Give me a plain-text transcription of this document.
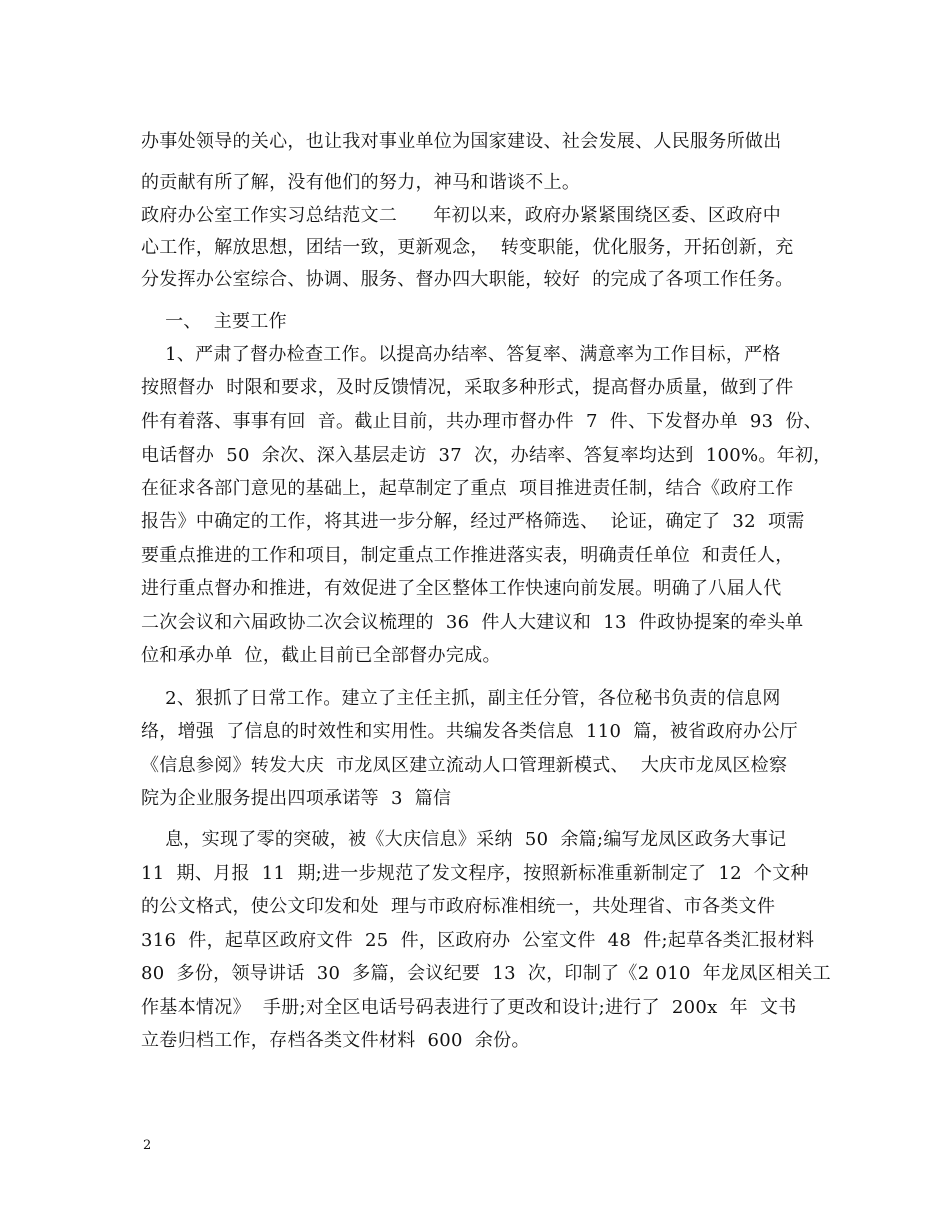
办事处领导的关心，也让我对事业单位为国家建设、社会发展、人民服务所做出
的贡献有所了解，没有他们的努力，神马和谐谈不上。
政府办公室工作实习总结范文二      年初以来，政府办紧紧围绕区委、区政府中
心工作，解放思想，团结一致，更新观念，  转变职能，优化服务，开拓创新，充
分发挥办公室综合、协调、服务、督办四大职能，较好  的完成了各项工作任务。
一、  主要工作
1、严肃了督办检查工作。以提高办结率、答复率、满意率为工作目标，严格
按照督办  时限和要求，及时反馈情况，采取多种形式，提高督办质量，做到了件
件有着落、事事有回  音。截止目前，共办理市督办件  7  件、下发督办单  93  份、
电话督办  50  余次、深入基层走访  37  次，办结率、答复率均达到  100%。年初，
在征求各部门意见的基础上，起草制定了重点  项目推进责任制，结合《政府工作
报告》中确定的工作，将其进一步分解，经过严格筛选、  论证，确定了  32  项需
要重点推进的工作和项目，制定重点工作推进落实表，明确责任单位  和责任人，
进行重点督办和推进，有效促进了全区整体工作快速向前发展。明确了八届人代
二次会议和六届政协二次会议梳理的  36  件人大建议和  13  件政协提案的牵头单
位和承办单  位，截止目前已全部督办完成。
2、狠抓了日常工作。建立了主任主抓，副主任分管，各位秘书负责的信息网
络，增强  了信息的时效性和实用性。共编发各类信息  110  篇，被省政府办公厅
《信息参阅》转发大庆  市龙凤区建立流动人口管理新模式、  大庆市龙凤区检察
院为企业服务提出四项承诺等  3  篇信
息，实现了零的突破，被《大庆信息》采纳  50  余篇;编写龙凤区政务大事记
11  期、月报  11  期;进一步规范了发文程序，按照新标准重新制定了  12  个文种
的公文格式，使公文印发和处  理与市政府标准相统一，共处理省、市各类文件
316  件，起草区政府文件  25  件，区政府办  公室文件  48  件;起草各类汇报材料
80  多份，领导讲话  30  多篇，会议纪要  13  次，印制了《2 010  年龙凤区相关工
作基本情况》  手册;对全区电话号码表进行了更改和设计;进行了  200x  年  文书
立卷归档工作，存档各类文件材料  600  余份。
2
